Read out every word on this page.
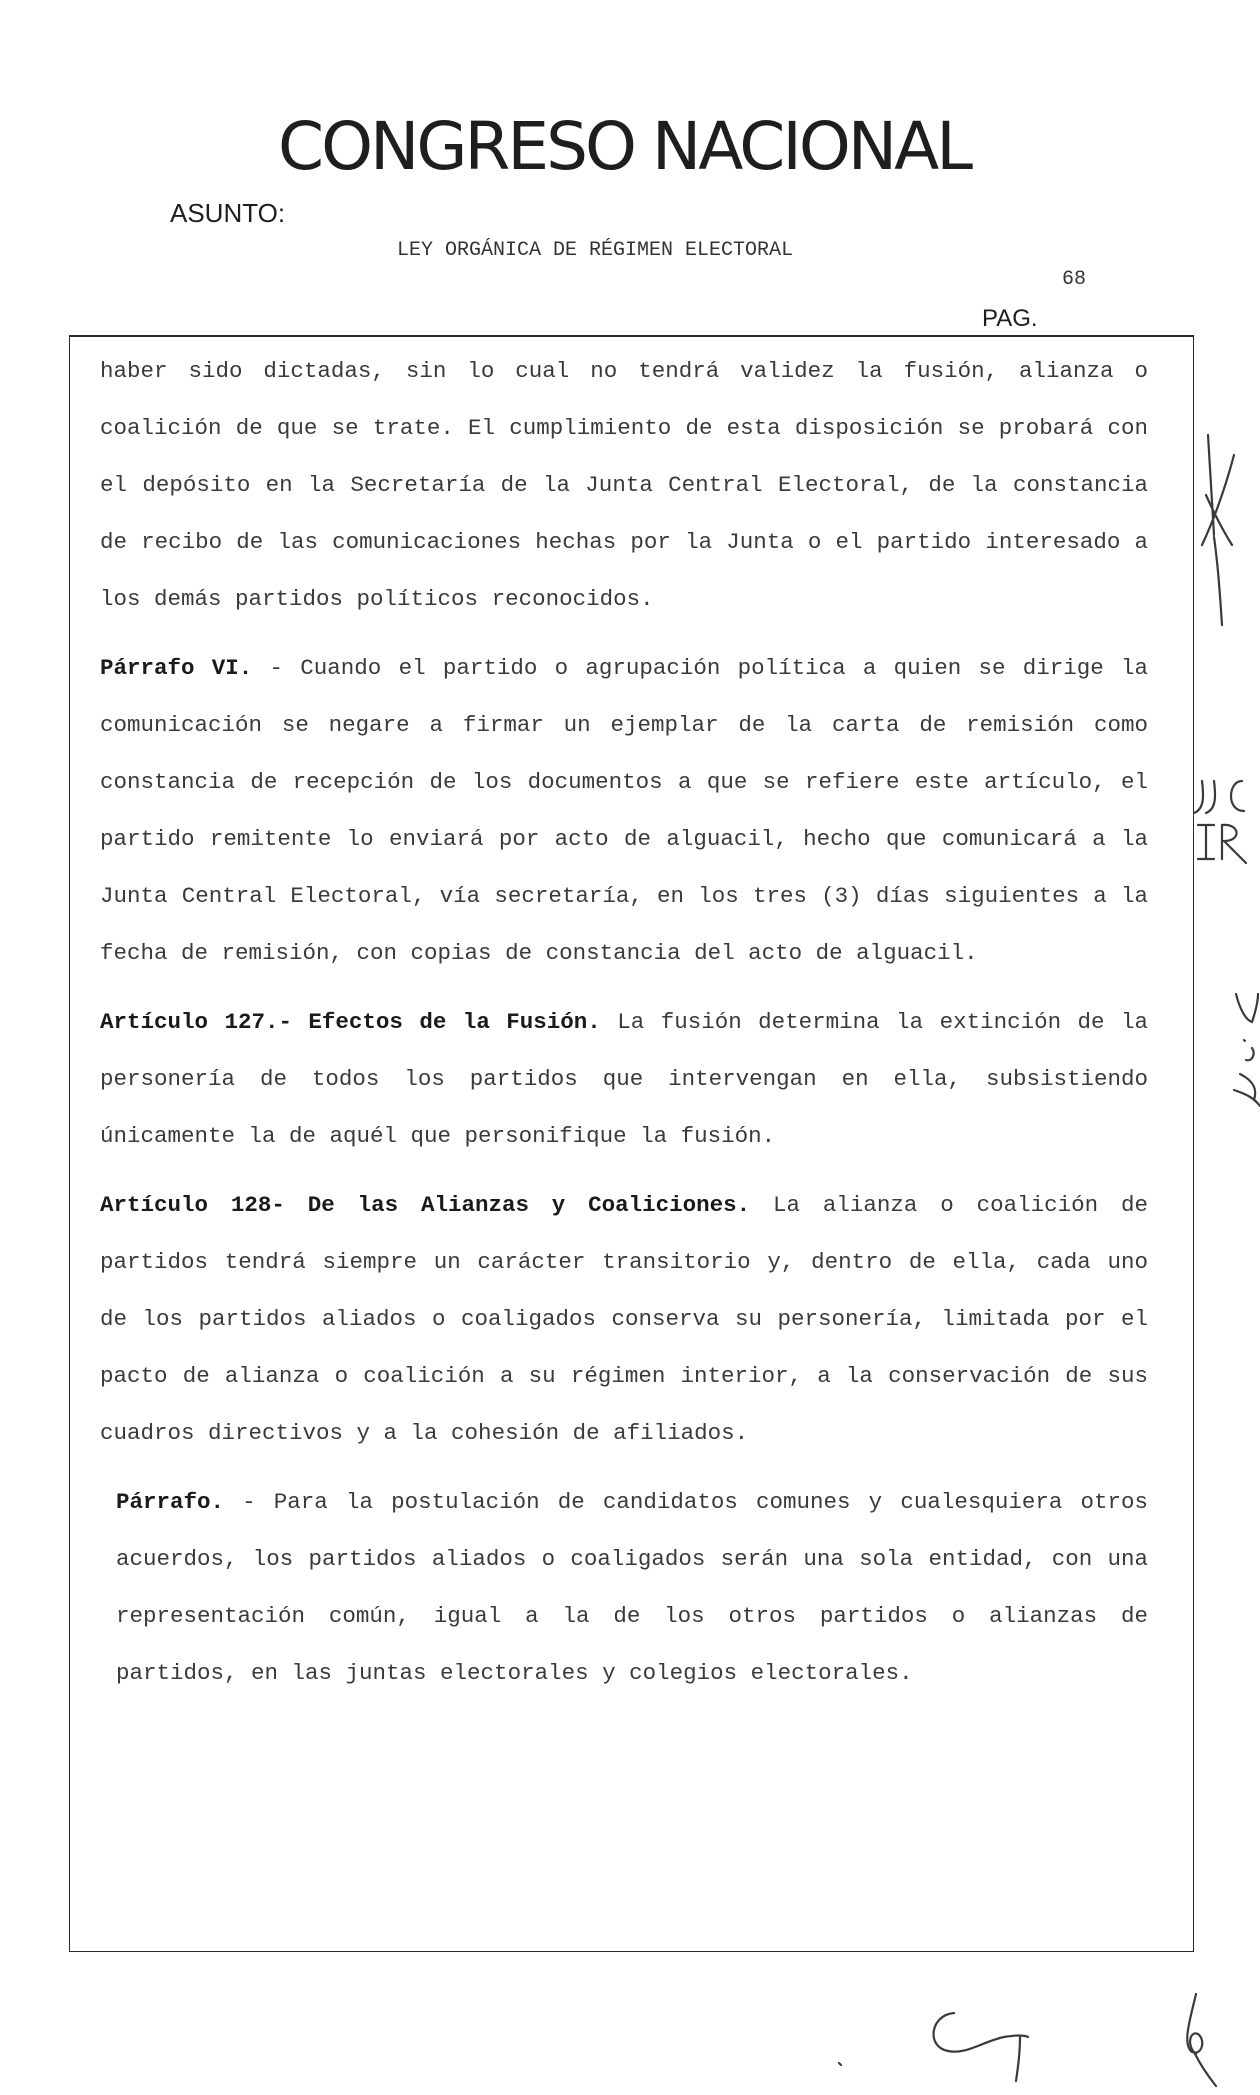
CONGRESO NACIONAL
ASUNTO:
LEY ORGÁNICA DE RÉGIMEN ELECTORAL
68
PAG.

haber sido dictadas, sin lo cual no tendrá validez la fusión, alianza o coalición de que se trate. El cumplimiento de esta disposición se probará con el depósito en la Secretaría de la Junta Central Electoral, de la constancia de recibo de las comunicaciones hechas por la Junta o el partido interesado a los demás partidos políticos reconocidos.

Párrafo VI. - Cuando el partido o agrupación política a quien se dirige la comunicación se negare a firmar un ejemplar de la carta de remisión como constancia de recepción de los documentos a que se refiere este artículo, el partido remitente lo enviará por acto de alguacil, hecho que comunicará a la Junta Central Electoral, vía secretaría, en los tres (3) días siguientes a la fecha de remisión, con copias de constancia del acto de alguacil.

Artículo 127.- Efectos de la Fusión. La fusión determina la extinción de la personería de todos los partidos que intervengan en ella, subsistiendo únicamente la de aquél que personifique la fusión.

Artículo 128- De las Alianzas y Coaliciones. La alianza o coalición de partidos tendrá siempre un carácter transitorio y, dentro de ella, cada uno de los partidos aliados o coaligados conserva su personería, limitada por el pacto de alianza o coalición a su régimen interior, a la conservación de sus cuadros directivos y a la cohesión de afiliados.

Párrafo. - Para la postulación de candidatos comunes y cualesquiera otros acuerdos, los partidos aliados o coaligados serán una sola entidad, con una representación común, igual a la de los otros partidos o alianzas de partidos, en las juntas electorales y colegios electorales.
